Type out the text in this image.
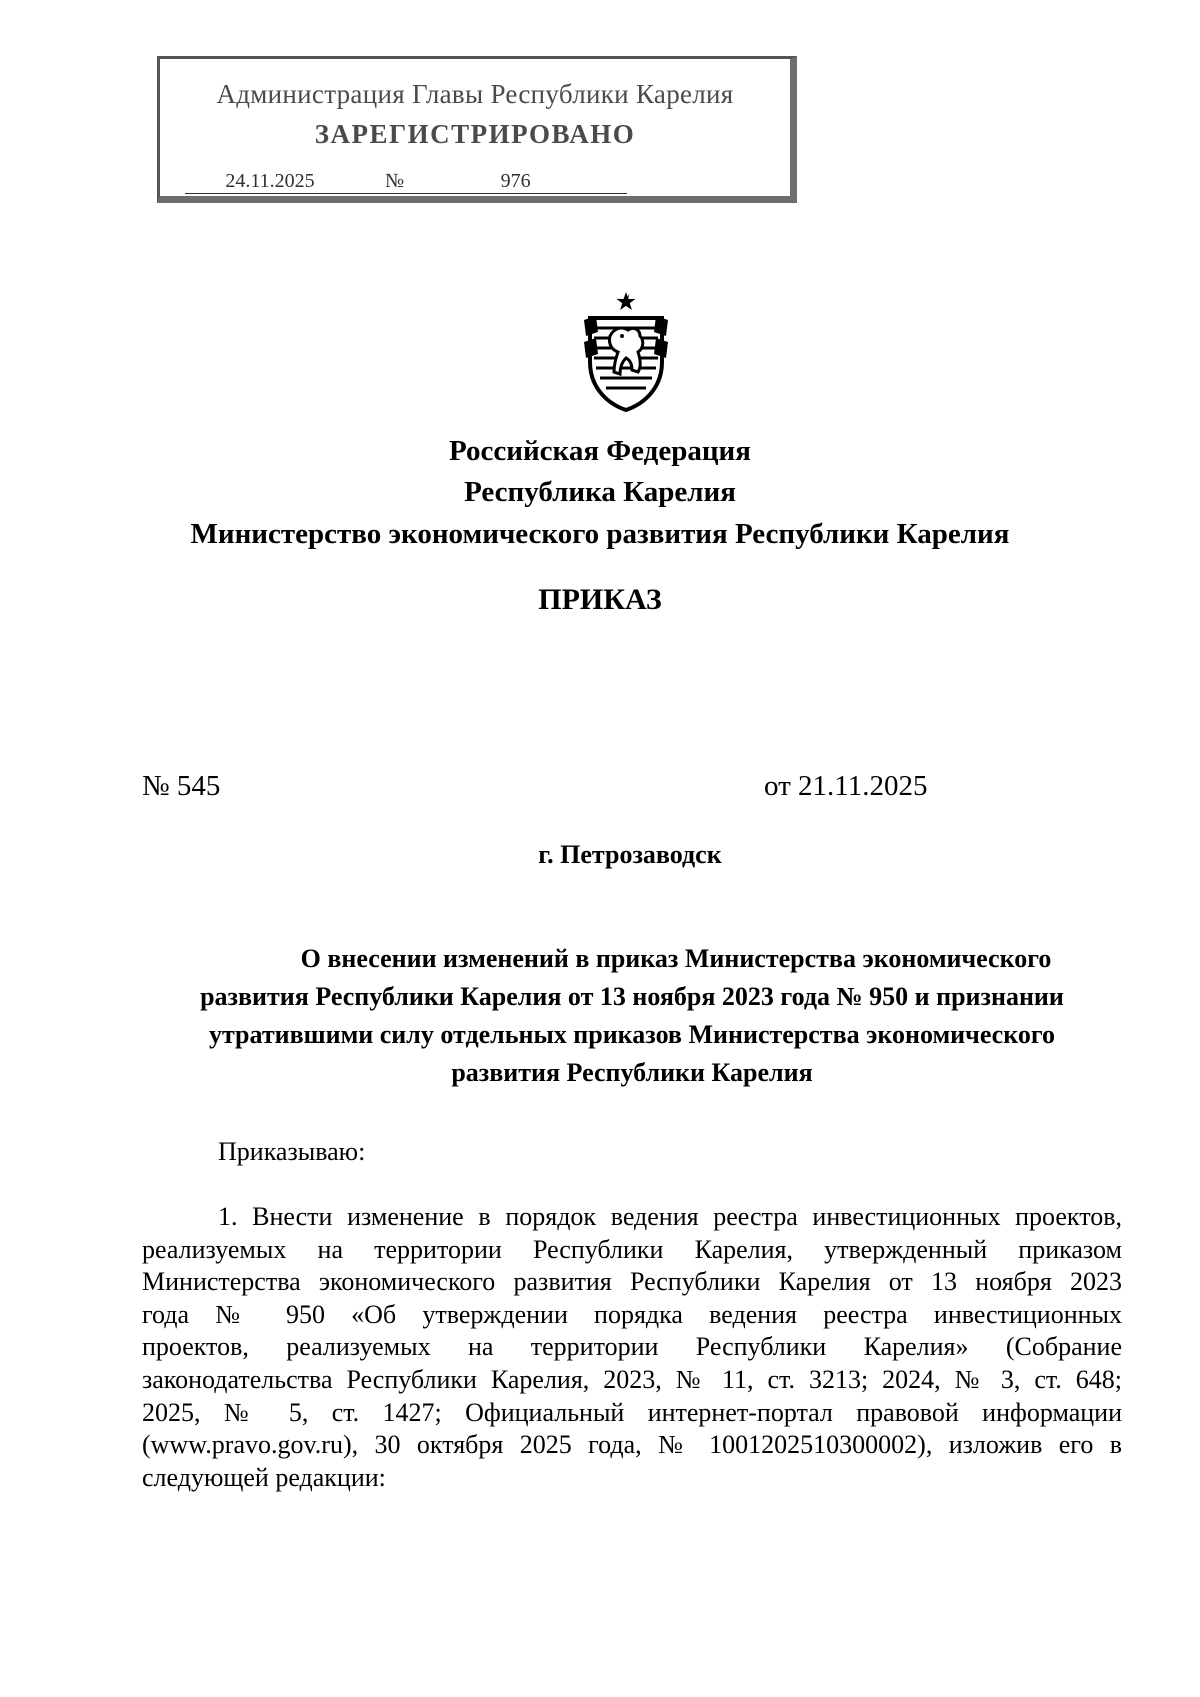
Администрация Главы Республики Карелия
ЗАРЕГИСТРИРОВАНО
24.11.2025	№	976
Российская Федерация
Республика Карелия
Министерство экономического развития Республики Карелия
ПРИКАЗ
№ 545	от 21.11.2025
г. Петрозаводск

О внесении изменений в приказ Министерства экономического

развития Республики Карелия от 13 ноября 2023 года № 950 и признании

утратившими силу отдельных приказов Министерства экономического

развития Республики Карелия

Приказываю:

1. Внести изменение в порядок ведения реестра инвестиционных проектов,

реализуемых на территории Республики Карелия, утвержденный приказом

Министерства экономического развития Республики Карелия от 13 ноября 2023

года № 950 «Об утверждении порядка ведения реестра инвестиционных

проектов, реализуемых на территории Республики Карелия» (Собрание

законодательства Республики Карелия, 2023, № 11, ст. 3213; 2024, № 3, ст. 648;

2025, № 5, ст. 1427; Официальный интернет-портал правовой информации

(www.pravo.gov.ru), 30 октября 2025 года, № 1001202510300002), изложив его в

следующей редакции:
